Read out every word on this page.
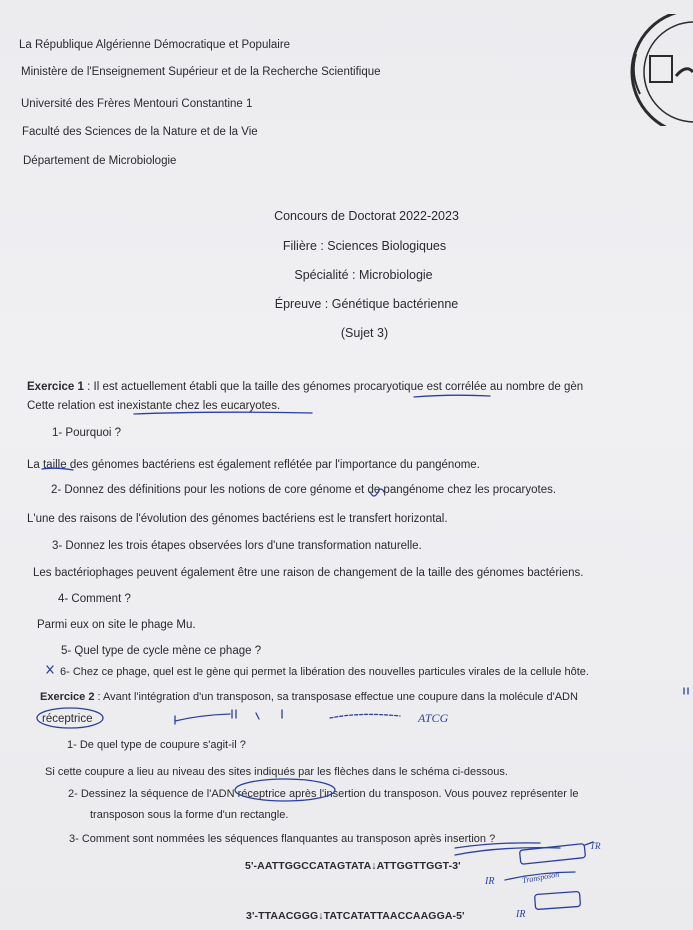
La République Algérienne Démocratique et Populaire
Ministère de l'Enseignement Supérieur et de la Recherche Scientifique
Université des Frères Mentouri Constantine 1
Faculté des Sciences de la Nature et de la Vie
Département de Microbiologie
Concours de Doctorat 2022-2023
Filière : Sciences Biologiques
Spécialité : Microbiologie
Épreuve : Génétique bactérienne
(Sujet 3)
Exercice 1 : Il est actuellement établi que la taille des génomes procaryotique est corrélée au nombre de gèn
Cette relation est inexistante chez les eucaryotes.
1- Pourquoi ?
La taille des génomes bactériens est également reflétée par l'importance du pangénome.
2- Donnez des définitions pour les notions de core génome et de pangénome chez les procaryotes.
L'une des raisons de l'évolution des génomes bactériens est le transfert horizontal.
3- Donnez les trois étapes observées lors d'une transformation naturelle.
Les bactériophages peuvent également être une raison de changement de la taille des génomes bactériens.
4- Comment ?
Parmi eux on site le phage Mu.
5- Quel type de cycle mène ce phage ?
6- Chez ce phage, quel est le gène qui permet la libération des nouvelles particules virales de la cellule hôte.
Exercice 2 : Avant l'intégration d'un transposon, sa transposase effectue une coupure dans la molécule d'ADN
réceptrice
1- De quel type de coupure s'agit-il ?
Si cette coupure a lieu au niveau des sites indiqués par les flèches dans le schéma ci-dessous.
2- Dessinez la séquence de l'ADN réceptrice après l'insertion du transposon. Vous pouvez représenter le
transposon sous la forme d'un rectangle.
3- Comment sont nommées les séquences flanquantes au transposon après insertion ?
5'-AATTGGCCATAGTATA↓ATTGGTTGGT-3'
3'-TTAACGGG↓TATCATATTAACCAAGGA-5'
ATCG
IR
IR
TR
Transposon
